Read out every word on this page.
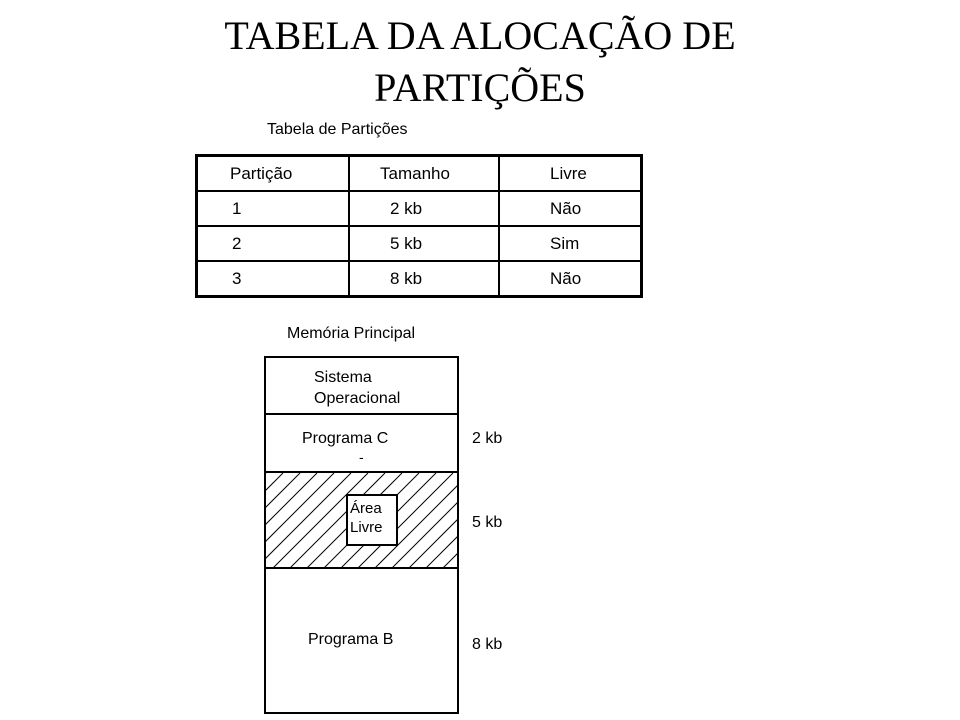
TABELA DA ALOCAÇÃO DE
PARTIÇÕES
Tabela de Partições
Partição	Tamanho	Livre
1	2 kb	Não
2	5 kb	Sim
3	8 kb	Não
Memória Principal
Sistema
Operacional
Programa C
-
Área
Livre
Programa B
2 kb
5 kb
8 kb
